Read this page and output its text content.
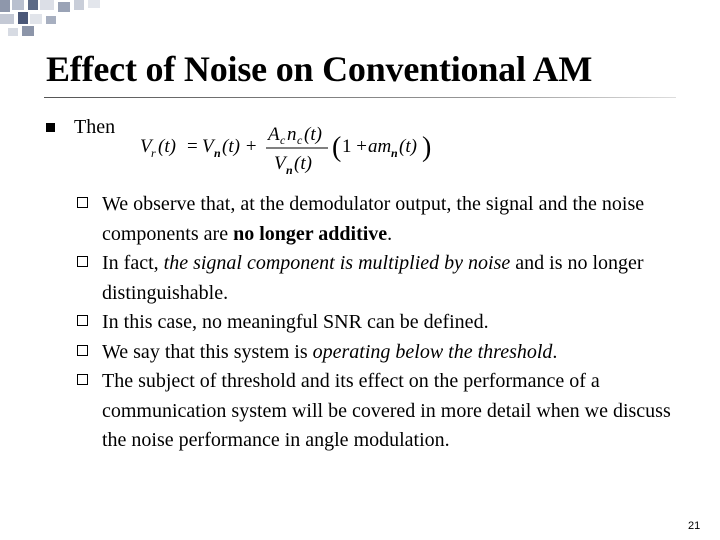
Effect of Noise on Conventional AM
Then
V r (t) = V n (t) +
A c n c (t)
V n (t)
( 1 + am n (t) )
We observe that, at the demodulator output, the signal and the noise components are no longer additive.
In fact, the signal component is multiplied by noise and is no longer distinguishable.
In this case, no meaningful SNR can be defined.
We say that this system is operating below the threshold.
The subject of threshold and its effect on the performance of a communication system will be covered in more detail when we discuss the noise performance in angle modulation.
21
